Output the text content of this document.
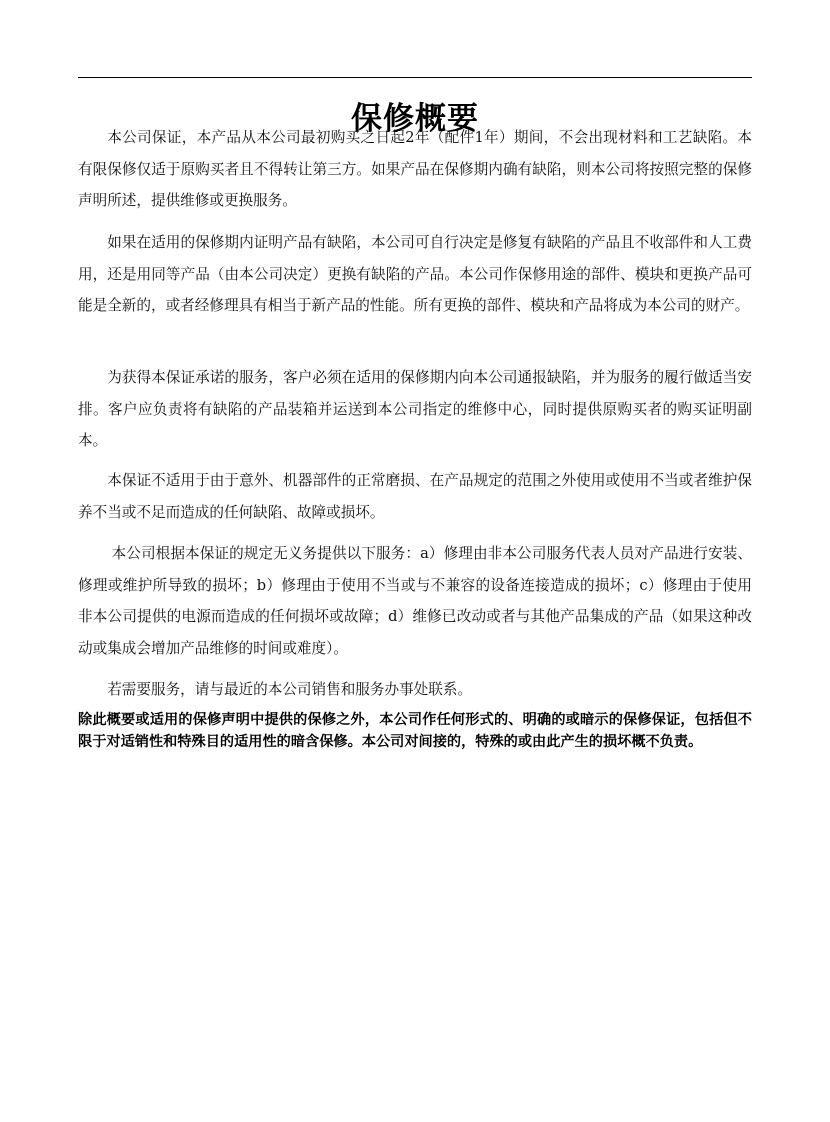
保修概要

本公司保证，本产品从本公司最初购买之日起2年（配件1年）期间，不会出现材料和工艺缺陷。本有限保修仅适于原购买者且不得转让第三方。如果产品在保修期内确有缺陷，则本公司将按照完整的保修声明所述，提供维修或更换服务。

如果在适用的保修期内证明产品有缺陷，本公司可自行决定是修复有缺陷的产品且不收部件和人工费用，还是用同等产品（由本公司决定）更换有缺陷的产品。本公司作保修用途的部件、模块和更换产品可能是全新的，或者经修理具有相当于新产品的性能。所有更换的部件、模块和产品将成为本公司的财产。

为获得本保证承诺的服务，客户必须在适用的保修期内向本公司通报缺陷，并为服务的履行做适当安排。客户应负责将有缺陷的产品装箱并运送到本公司指定的维修中心，同时提供原购买者的购买证明副本。

本保证不适用于由于意外、机器部件的正常磨损、在产品规定的范围之外使用或使用不当或者维护保养不当或不足而造成的任何缺陷、故障或损坏。

本公司根据本保证的规定无义务提供以下服务：a）修理由非本公司服务代表人员对产品进行安装、修理或维护所导致的损坏；b）修理由于使用不当或与不兼容的设备连接造成的损坏；c）修理由于使用非本公司提供的电源而造成的任何损坏或故障；d）维修已改动或者与其他产品集成的产品（如果这种改动或集成会增加产品维修的时间或难度）。

若需要服务，请与最近的本公司销售和服务办事处联系。

除此概要或适用的保修声明中提供的保修之外，本公司作任何形式的、明确的或暗示的保修保证，包括但不限于对适销性和特殊目的适用性的暗含保修。本公司对间接的，特殊的或由此产生的损坏概不负责。
